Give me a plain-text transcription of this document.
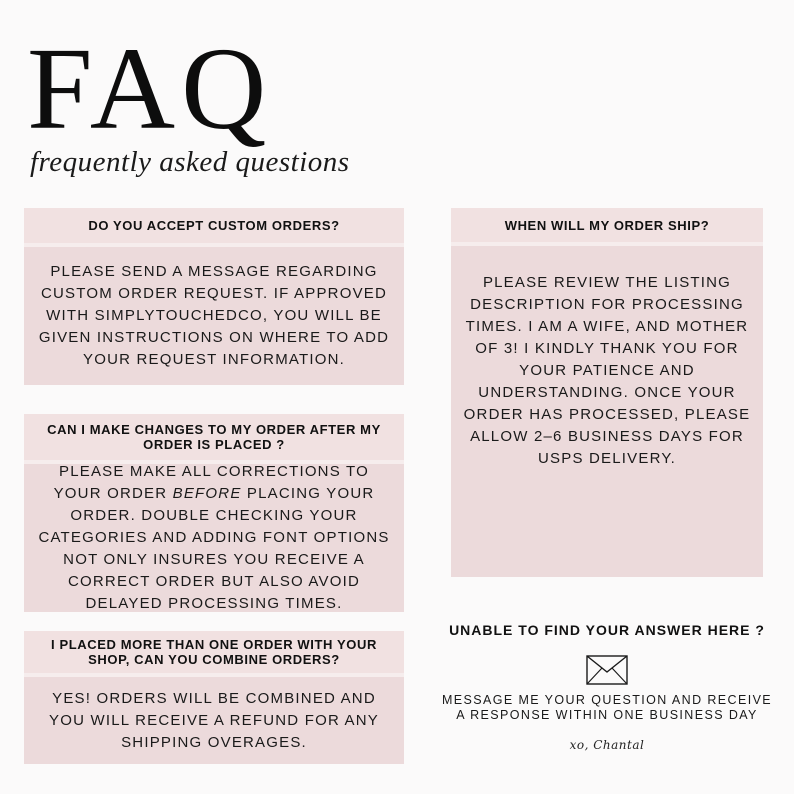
FAQ
frequently asked questions
DO YOU ACCEPT CUSTOM ORDERS?
PLEASE SEND A MESSAGE REGARDING CUSTOM ORDER REQUEST. IF APPROVED WITH SIMPLYTOUCHEDCO, YOU WILL BE GIVEN INSTRUCTIONS ON WHERE TO ADD YOUR REQUEST INFORMATION.
CAN I MAKE CHANGES TO MY ORDER AFTER MY ORDER IS PLACED ?
PLEASE MAKE ALL CORRECTIONS TO YOUR ORDER BEFORE PLACING YOUR ORDER. DOUBLE CHECKING YOUR CATEGORIES AND ADDING FONT OPTIONS NOT ONLY INSURES YOU RECEIVE A CORRECT ORDER BUT ALSO AVOID DELAYED PROCESSING TIMES.
I PLACED MORE THAN ONE ORDER WITH YOUR SHOP, CAN YOU COMBINE ORDERS?
YES! ORDERS WILL BE COMBINED AND YOU WILL RECEIVE A REFUND FOR ANY SHIPPING OVERAGES.
WHEN WILL MY ORDER SHIP?
PLEASE REVIEW THE LISTING DESCRIPTION FOR PROCESSING TIMES. I AM A WIFE, AND MOTHER OF 3! I KINDLY THANK YOU FOR YOUR PATIENCE AND UNDERSTANDING. ONCE YOUR ORDER HAS PROCESSED, PLEASE ALLOW 2–6 BUSINESS DAYS FOR USPS DELIVERY.
UNABLE TO FIND YOUR ANSWER HERE ?
MESSAGE ME YOUR QUESTION AND RECEIVE A RESPONSE WITHIN ONE BUSINESS DAY
xo, Chantal
